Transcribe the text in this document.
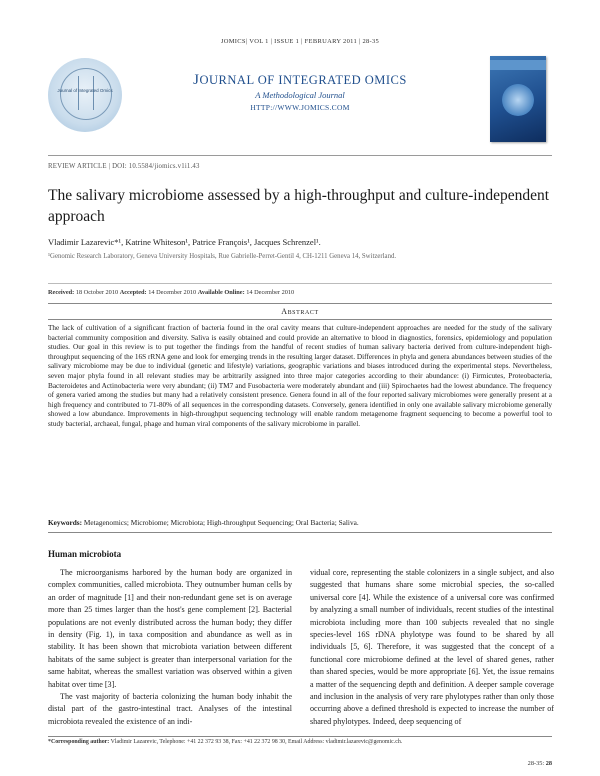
JOMICS| VOL 1 | ISSUE 1 | FEBRUARY 2011 | 28-35
Journal of Integrated Omics
JOURNAL OF INTEGRATED OMICS
A Methodological Journal
HTTP://WWW.JOMICS.COM
REVIEW ARTICLE | DOI: 10.5584/jiomics.v1i1.43
The salivary microbiome assessed by a high-throughput and culture-independent approach
Vladimir Lazarevic*¹, Katrine Whiteson¹, Patrice François¹, Jacques Schrenzel¹.
¹Genomic Research Laboratory, Geneva University Hospitals, Rue Gabrielle-Perret-Gentil 4, CH-1211 Geneva 14, Switzerland.
Received: 18 October 2010 Accepted: 14 December 2010 Available Online: 14 December 2010
Abstract
The lack of cultivation of a significant fraction of bacteria found in the oral cavity means that culture-independent approaches are needed for the study of the salivary bacterial community composition and diversity. Saliva is easily obtained and could provide an alternative to blood in diagnostics, forensics, epidemiology and population studies. Our goal in this review is to put together the findings from the handful of recent studies of human salivary bacteria derived from culture-independent high-throughput sequencing of the 16S rRNA gene and look for emerging trends in the resulting larger dataset. Differences in phyla and genera abundances between studies of the salivary microbiome may be due to individual (genetic and lifestyle) variations, geographic variations and biases introduced during the experimental steps. Nevertheless, seven major phyla found in all relevant studies may be arbitrarily assigned into three major categories according to their abundance: (i) Firmicutes, Proteobacteria, Bacteroidetes and Actinobacteria were very abundant; (ii) TM7 and Fusobacteria were moderately abundant and (iii) Spirochaetes had the lowest abundance. The frequency of genera varied among the studies but many had a relatively consistent presence. Genera found in all of the four reported salivary microbiomes were generally present at a high frequency and contributed to 71-80% of all sequences in the corresponding datasets. Conversely, genera identified in only one available salivary microbiome generally showed a low abundance. Improvements in high-throughput sequencing technology will enable random metagenome fragment sequencing to become a powerful tool to study bacterial, archaeal, fungal, phage and human viral components of the salivary microbiome in parallel.
Keywords: Metagenomics; Microbiome; Microbiota; High-throughput Sequencing; Oral Bacteria; Saliva.
Human microbiota

The microorganisms harbored by the human body are organized in complex communities, called microbiota. They outnumber human cells by an order of magnitude [1] and their non-redundant gene set is on average more than 25 times larger than the host's gene complement [2]. Bacterial populations are not evenly distributed across the human body; they differ in density (Fig. 1), in taxa composition and abundance as well as in stability. It has been shown that microbiota variation between different habitats of the same subject is greater than interpersonal variation for the same habitat, whereas the smallest variation was observed within a given habitat over time [3].

The vast majority of bacteria colonizing the human body inhabit the distal part of the gastro-intestinal tract. Analyses of the intestinal microbiota revealed the existence of an indi-

vidual core, representing the stable colonizers in a single subject, and also suggested that humans share some microbial species, the so-called universal core [4]. While the existence of a universal core was confirmed by analyzing a small number of individuals, recent studies of the intestinal microbiota including more than 100 subjects revealed that no single species-level 16S rDNA phylotype was found to be shared by all individuals [5, 6]. Therefore, it was suggested that the concept of a functional core microbiome defined at the level of shared genes, rather than shared species, would be more appropriate [6]. Yet, the issue remains a matter of the sequencing depth and definition. A deeper sample coverage and inclusion in the analysis of very rare phylotypes rather than only those occurring above a defined threshold is expected to increase the number of shared phylotypes. Indeed, deep sequencing of

*Corresponding author: Vladimir Lazarevic, Telephone: +41 22 372 93 38, Fax: +41 22 372 98 30, Email Address: vladimir.lazarevic@genomic.ch.
28-35: 28
